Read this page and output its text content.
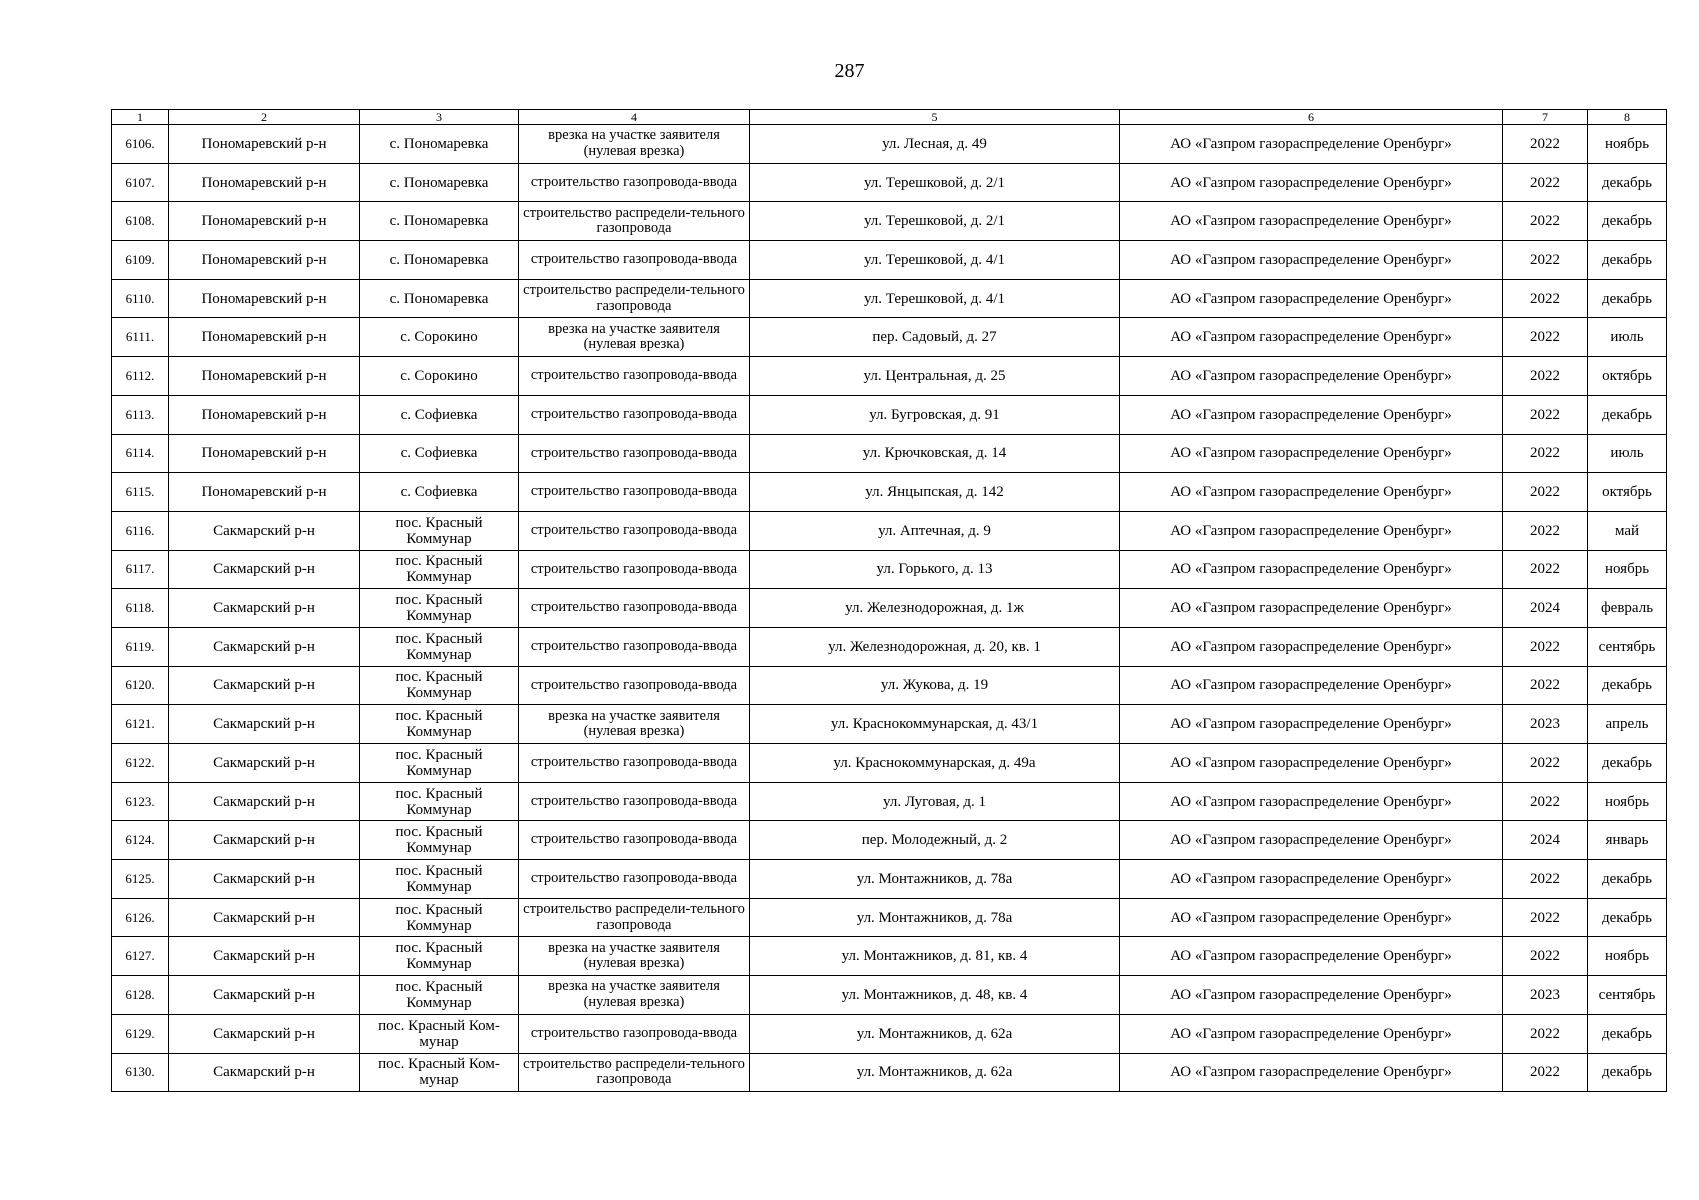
287
1	2	3	4	5	6	7	8
6106.	Пономаревский р-н	с. Пономаревка	врезка на участке заявителя (нулевая врезка)	ул. Лесная, д. 49	АО «Газпром газораспределение Оренбург»	2022	ноябрь
6107.	Пономаревский р-н	с. Пономаревка	строительство газопровода-ввода	ул. Терешковой, д. 2/1	АО «Газпром газораспределение Оренбург»	2022	декабрь
6108.	Пономаревский р-н	с. Пономаревка	строительство распредели-тельного газопровода	ул. Терешковой, д. 2/1	АО «Газпром газораспределение Оренбург»	2022	декабрь
6109.	Пономаревский р-н	с. Пономаревка	строительство газопровода-ввода	ул. Терешковой, д. 4/1	АО «Газпром газораспределение Оренбург»	2022	декабрь
6110.	Пономаревский р-н	с. Пономаревка	строительство распредели-тельного газопровода	ул. Терешковой, д. 4/1	АО «Газпром газораспределение Оренбург»	2022	декабрь
6111.	Пономаревский р-н	с. Сорокино	врезка на участке заявителя (нулевая врезка)	пер. Садовый, д. 27	АО «Газпром газораспределение Оренбург»	2022	июль
6112.	Пономаревский р-н	с. Сорокино	строительство газопровода-ввода	ул. Центральная, д. 25	АО «Газпром газораспределение Оренбург»	2022	октябрь
6113.	Пономаревский р-н	с. Софиевка	строительство газопровода-ввода	ул. Бугровская, д. 91	АО «Газпром газораспределение Оренбург»	2022	декабрь
6114.	Пономаревский р-н	с. Софиевка	строительство газопровода-ввода	ул. Крючковская, д. 14	АО «Газпром газораспределение Оренбург»	2022	июль
6115.	Пономаревский р-н	с. Софиевка	строительство газопровода-ввода	ул. Янцыпская, д. 142	АО «Газпром газораспределение Оренбург»	2022	октябрь
6116.	Сакмарский р-н	пос. Красный Коммунар	строительство газопровода-ввода	ул. Аптечная, д. 9	АО «Газпром газораспределение Оренбург»	2022	май
6117.	Сакмарский р-н	пос. Красный Коммунар	строительство газопровода-ввода	ул. Горького, д. 13	АО «Газпром газораспределение Оренбург»	2022	ноябрь
6118.	Сакмарский р-н	пос. Красный Коммунар	строительство газопровода-ввода	ул. Железнодорожная, д. 1ж	АО «Газпром газораспределение Оренбург»	2024	февраль
6119.	Сакмарский р-н	пос. Красный Коммунар	строительство газопровода-ввода	ул. Железнодорожная, д. 20, кв. 1	АО «Газпром газораспределение Оренбург»	2022	сентябрь
6120.	Сакмарский р-н	пос. Красный Коммунар	строительство газопровода-ввода	ул. Жукова, д. 19	АО «Газпром газораспределение Оренбург»	2022	декабрь
6121.	Сакмарский р-н	пос. Красный Коммунар	врезка на участке заявителя (нулевая врезка)	ул. Краснокоммунарская, д. 43/1	АО «Газпром газораспределение Оренбург»	2023	апрель
6122.	Сакмарский р-н	пос. Красный Коммунар	строительство газопровода-ввода	ул. Краснокоммунарская, д. 49а	АО «Газпром газораспределение Оренбург»	2022	декабрь
6123.	Сакмарский р-н	пос. Красный Коммунар	строительство газопровода-ввода	ул. Луговая, д. 1	АО «Газпром газораспределение Оренбург»	2022	ноябрь
6124.	Сакмарский р-н	пос. Красный Коммунар	строительство газопровода-ввода	пер. Молодежный, д. 2	АО «Газпром газораспределение Оренбург»	2024	январь
6125.	Сакмарский р-н	пос. Красный Коммунар	строительство газопровода-ввода	ул. Монтажников, д. 78а	АО «Газпром газораспределение Оренбург»	2022	декабрь
6126.	Сакмарский р-н	пос. Красный Коммунар	строительство распредели-тельного газопровода	ул. Монтажников, д. 78а	АО «Газпром газораспределение Оренбург»	2022	декабрь
6127.	Сакмарский р-н	пос. Красный Коммунар	врезка на участке заявителя (нулевая врезка)	ул. Монтажников, д. 81, кв. 4	АО «Газпром газораспределение Оренбург»	2022	ноябрь
6128.	Сакмарский р-н	пос. Красный Коммунар	врезка на участке заявителя (нулевая врезка)	ул. Монтажников, д. 48, кв. 4	АО «Газпром газораспределение Оренбург»	2023	сентябрь
6129.	Сакмарский р-н	пос. Красный Ком-мунар	строительство газопровода-ввода	ул. Монтажников, д. 62а	АО «Газпром газораспределение Оренбург»	2022	декабрь
6130.	Сакмарский р-н	пос. Красный Ком-мунар	строительство распредели-тельного газопровода	ул. Монтажников, д. 62а	АО «Газпром газораспределение Оренбург»	2022	декабрь
